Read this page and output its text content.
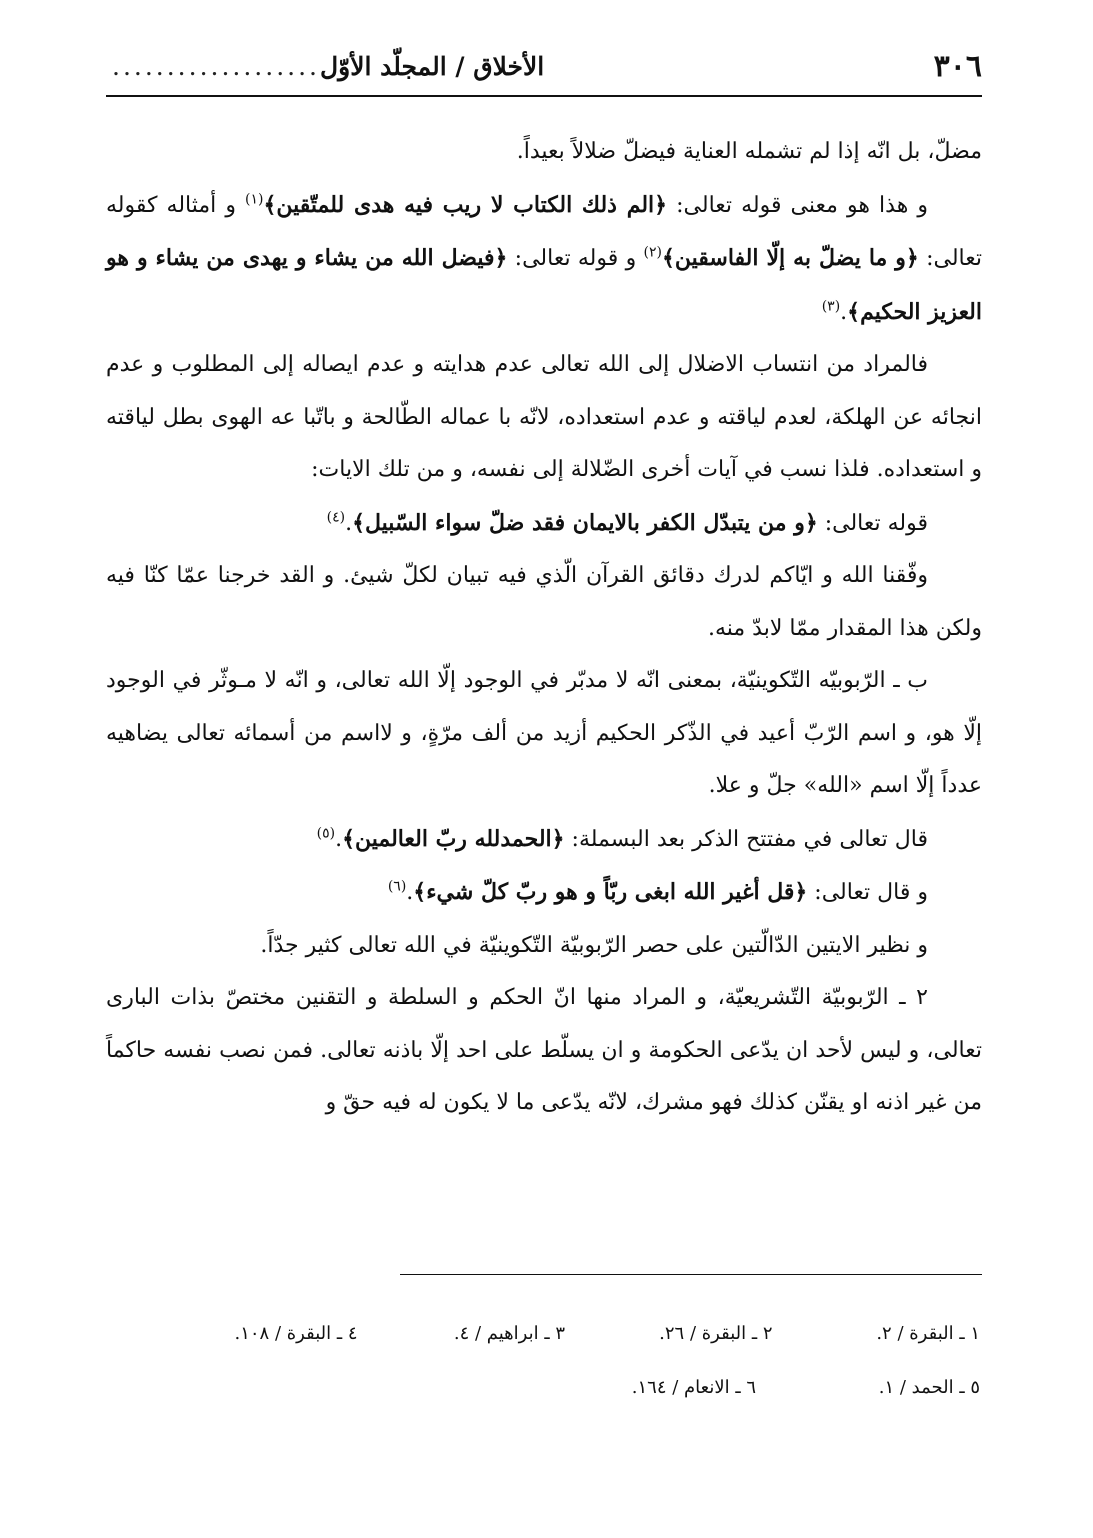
٣٠٦
الأخلاق / المجلّد الأوّل
...................

مضلّ، بل انّه إذا لم تشمله العناية فيضلّ ضلالاً بعيداً.

و هذا هو معنى قوله تعالى: ﴿الم ذلك الكتاب لا ريب فيه هدى للمتّقين﴾$^{(١)}$ و أمثاله كقوله تعالى: ﴿و ما يضلّ به إلّا الفاسقين﴾$^{(٢)}$ و قوله تعالى: ﴿فيضل الله من يشاء و يهدى من يشاء و هو العزيز الحكيم﴾.$^{(٣)}$

فالمراد من انتساب الاضلال إلى الله تعالى عدم هدايته و عدم ايصاله إلى المطلوب و عدم انجائه عن الهلكة، لعدم لياقته و عدم استعداده، لانّه با عماله الطّالحة و باتّبا عه الهوى بطل لياقته و استعداده. فلذا نسب في آيات أخرى الضّلالة إلى نفسه، و من تلك الايات:

قوله تعالى: ﴿و من يتبدّل الكفر بالايمان فقد ضلّ سواء السّبيل﴾.$^{(٤)}$

وفّقنا الله و ايّاكم لدرك دقائق القرآن الّذي فيه تبيان لكلّ شيئ. و القد خرجنا عمّا كنّا فيه ولكن هذا المقدار ممّا لابدّ منه.

ب ـ الرّبوبيّه التّكوينيّة، بمعنى انّه لا مدبّر في الوجود إلّا الله تعالى، و انّه لا مـوثّر في الوجود إلّا هو، و اسم الرّبّ أعيد في الذّكر الحكيم أزيد من ألف مرّةٍ، و لااسم من أسمائه تعالى يضاهيه عدداً إلّا اسم «الله» جلّ و علا.

قال تعالى في مفتتح الذكر بعد البسملة: ﴿الحمدلله ربّ العالمين﴾.$^{(٥)}$

و قال تعالى: ﴿قل أغير الله ابغى ربّاً و هو ربّ كلّ شيء﴾.$^{(٦)}$

و نظير الايتين الدّالّتين على حصر الرّبوبيّة التّكوينيّة في الله تعالى كثير جدّاً.

٢ ـ الرّبوبيّة التّشريعيّة، و المراد منها انّ الحكم و السلطة و التقنين مختصّ بذات البارى تعالى، و ليس لأحد ان يدّعى الحكومة و ان يسلّط على احد إلّا باذنه تعالى. فمن نصب نفسه حاكماً من غير اذنه او يقنّن كذلك فهو مشرك، لانّه يدّعى ما لا يكون له فيه حقّ و

١ ـ البقرة / ٢.
٢ ـ البقرة / ٢٦.
٣ ـ ابراهيم / ٤.
٤ ـ البقرة / ١٠٨.
٥ ـ الحمد / ١.
٦ ـ الانعام / ١٦٤.
